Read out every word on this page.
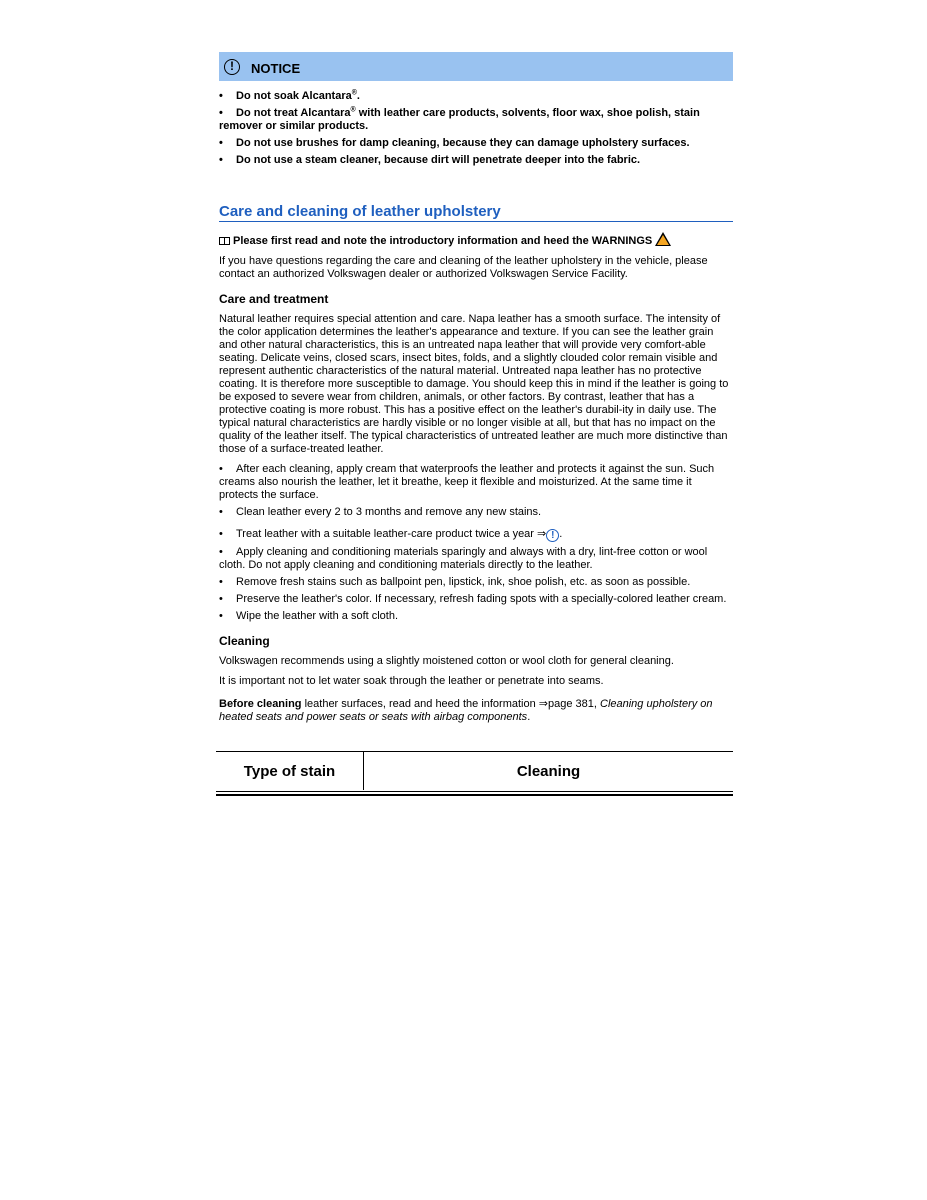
!	NOTICE
• Do not soak Alcantara®.
• Do not treat Alcantara® with leather care products, solvents, floor wax, shoe polish, stain remover or similar products.
• Do not use brushes for damp cleaning, because they can damage upholstery surfaces.
• Do not use a steam cleaner, because dirt will penetrate deeper into the fabric.
Care and cleaning of leather upholstery
Please first read and note the introductory information and heed the WARNINGS !
If you have questions regarding the care and cleaning of the leather upholstery in the vehicle, please contact an authorized Volkswagen dealer or authorized Volkswagen Service Facility.
Care and treatment
Natural leather requires special attention and care. Napa leather has a smooth surface. The intensity of the color application determines the leather's appearance and texture. If you can see the leather grain and other natural characteristics, this is an untreated napa leather that will provide very comfort-able seating. Delicate veins, closed scars, insect bites, folds, and a slightly clouded color remain visible and represent authentic characteristics of the natural material. Untreated napa leather has no protective coating. It is therefore more susceptible to damage. You should keep this in mind if the leather is going to be exposed to severe wear from children, animals, or other factors. By contrast, leather that has a protective coating is more robust. This has a positive effect on the leather's durabil-ity in daily use. The typical natural characteristics are hardly visible or no longer visible at all, but that has no impact on the quality of the leather itself. The typical characteristics of untreated leather are much more distinctive than those of a surface-treated leather.
• After each cleaning, apply cream that waterproofs the leather and protects it against the sun. Such creams also nourish the leather, let it breathe, keep it flexible and moisturized. At the same time it protects the surface.
• Clean leather every 2 to 3 months and remove any new stains.
• Treat leather with a suitable leather-care product twice a year ⇒ ! .
• Apply cleaning and conditioning materials sparingly and always with a dry, lint-free cotton or wool cloth. Do not apply cleaning and conditioning materials directly to the leather.
• Remove fresh stains such as ballpoint pen, lipstick, ink, shoe polish, etc. as soon as possible.
• Preserve the leather's color. If necessary, refresh fading spots with a specially-colored leather cream.
• Wipe the leather with a soft cloth.
Cleaning
Volkswagen recommends using a slightly moistened cotton or wool cloth for general cleaning.
It is important not to let water soak through the leather or penetrate into seams.
Before cleaning leather surfaces, read and heed the information ⇒page 381, Cleaning upholstery on heated seats and power seats or seats with airbag components.
Type of stain	Cleaning
